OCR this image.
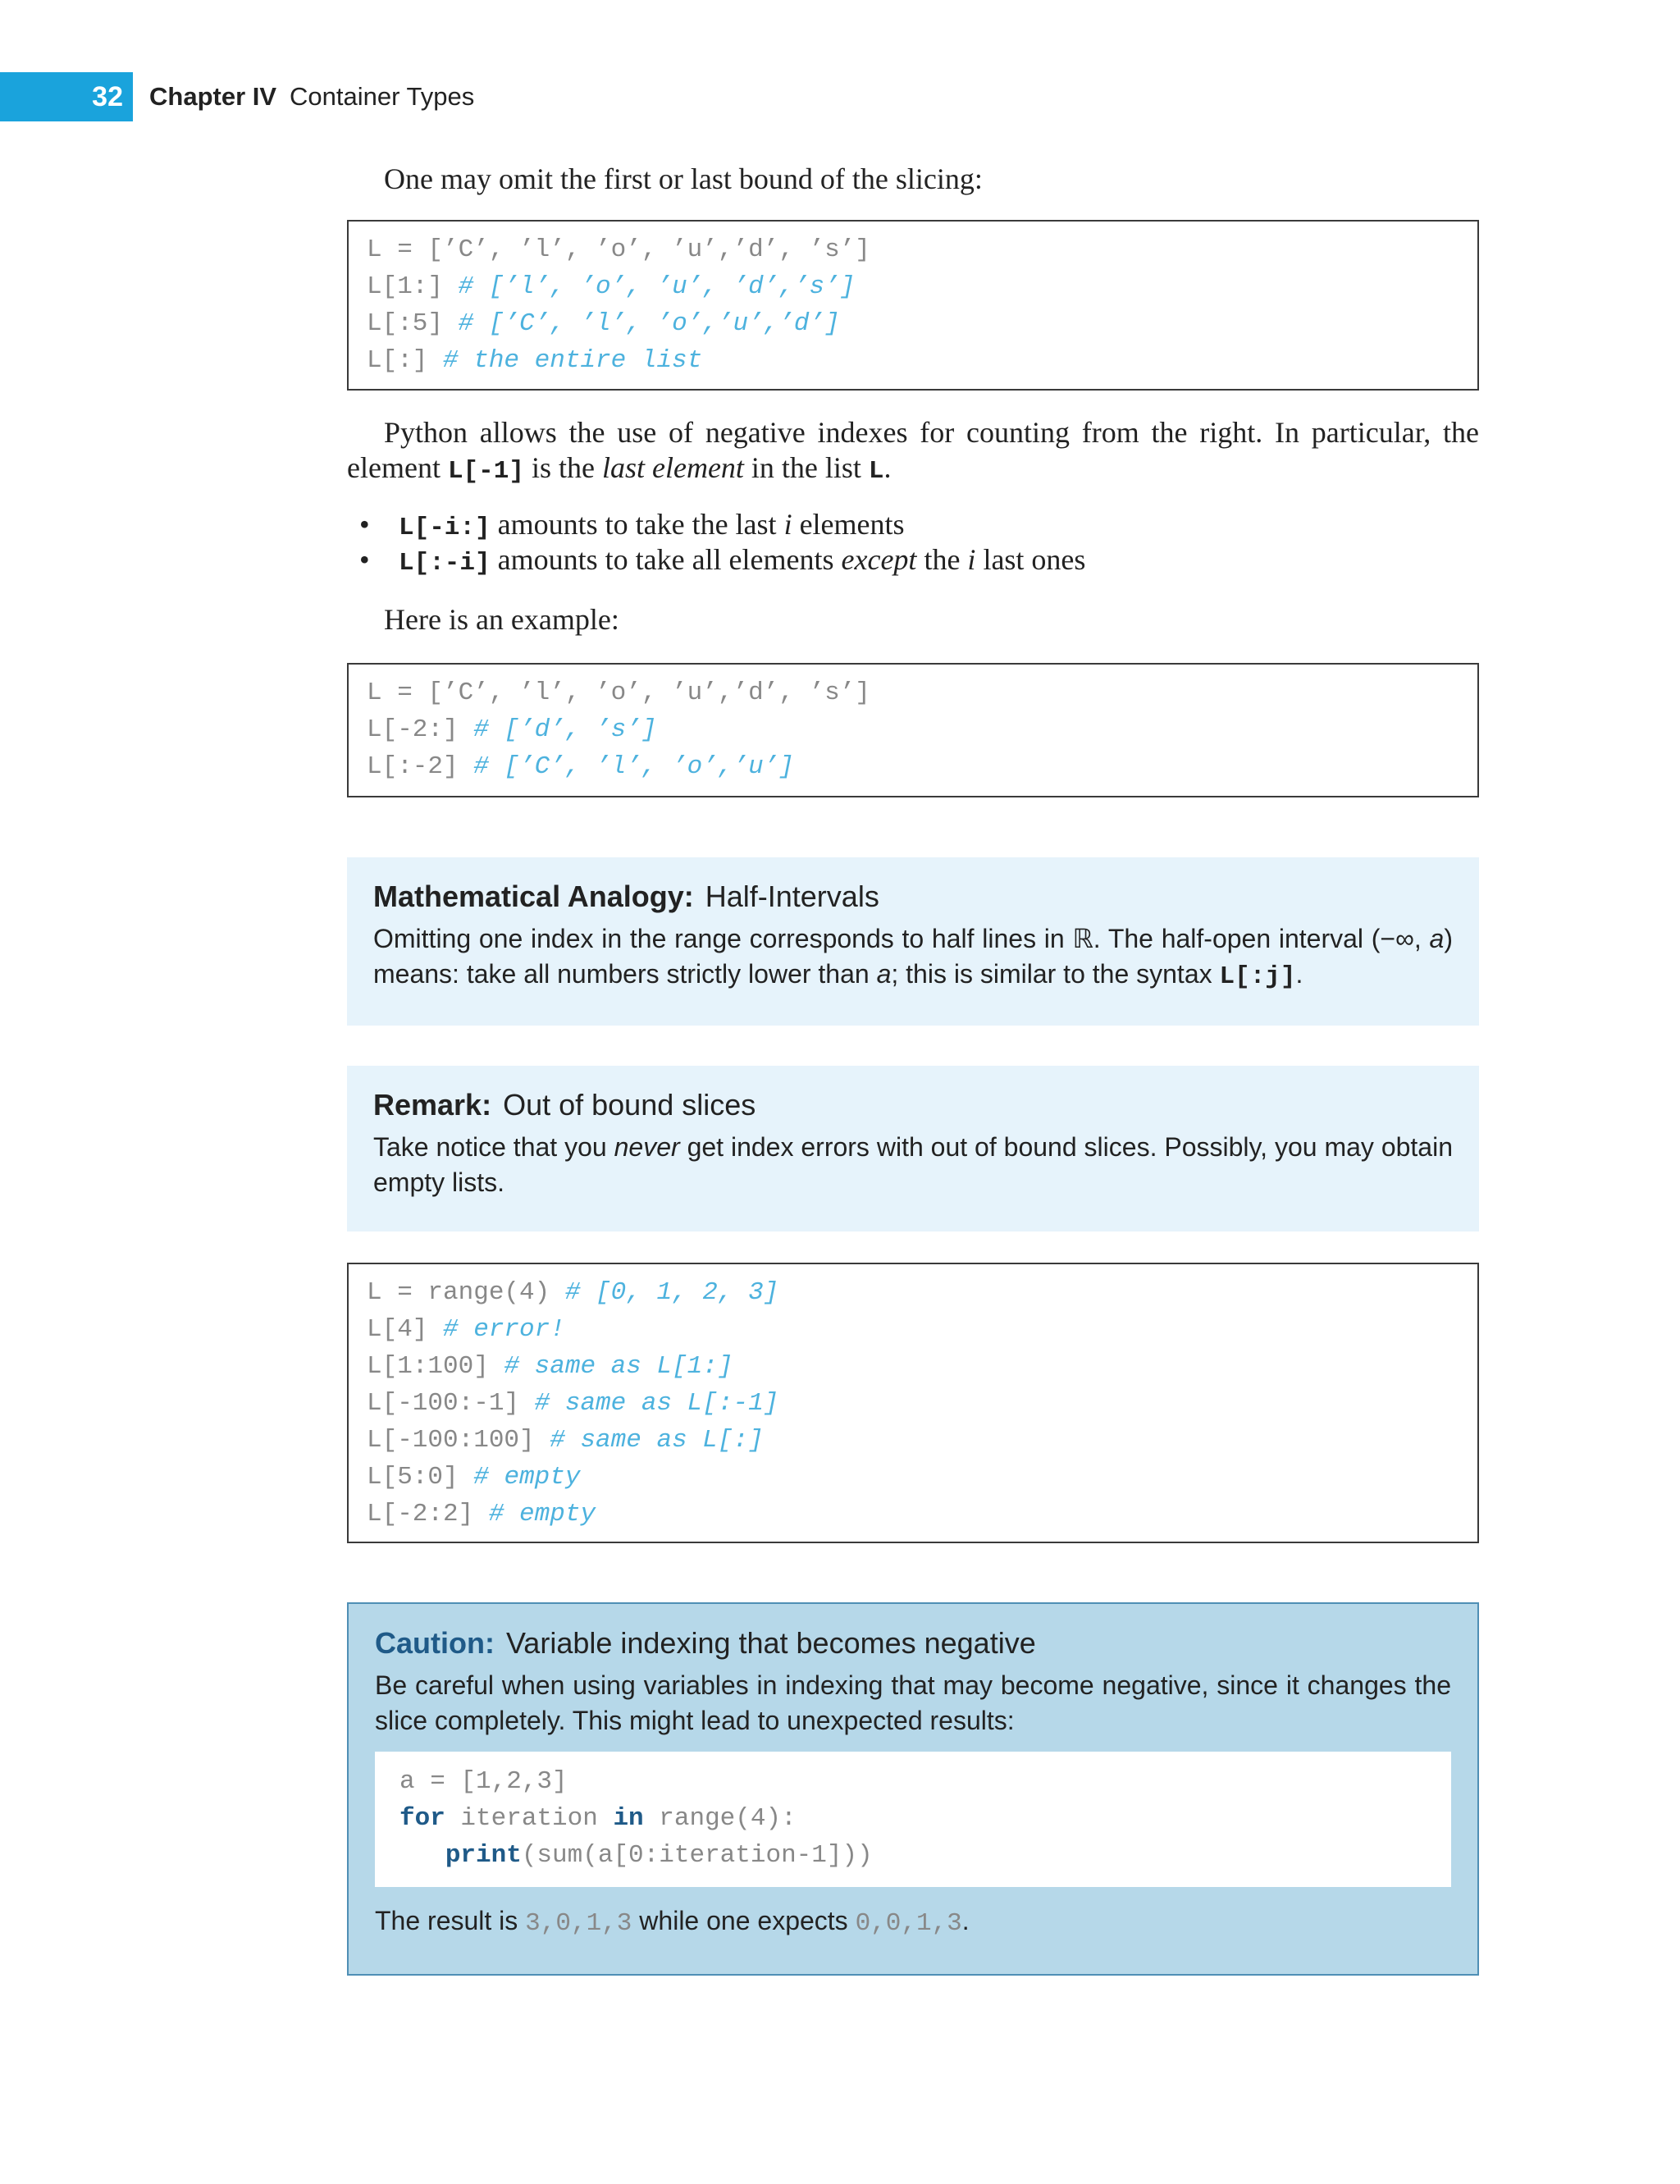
32	Chapter IV Container Types
One may omit the first or last bound of the slicing:
L = [’C’, ’l’, ’o’, ’u’,’d’, ’s’]
L[1:] # [’l’, ’o’, ’u’, ’d’,’s’]
L[:5] # [’C’, ’l’, ’o’,’u’,’d’]
L[:] # the entire list
Python allows the use of negative indexes for counting from the right. In particular, the element L[-1] is the last element in the list L.
• L[-i:] amounts to take the last i elements
• L[:-i] amounts to take all elements except the i last ones
Here is an example:
L = [’C’, ’l’, ’o’, ’u’,’d’, ’s’]
L[-2:] # [’d’, ’s’]
L[:-2] # [’C’, ’l’, ’o’,’u’]
Mathematical Analogy: Half-Intervals
Omitting one index in the range corresponds to half lines in ℝ. The half-open interval (−∞, a) means: take all numbers strictly lower than a; this is similar to the syntax L[:j].
Remark: Out of bound slices
Take notice that you never get index errors with out of bound slices. Possibly, you may obtain empty lists.
L = range(4) # [0, 1, 2, 3]
L[4] # error!
L[1:100] # same as L[1:]
L[-100:-1] # same as L[:-1]
L[-100:100] # same as L[:]
L[5:0] # empty
L[-2:2] # empty
Caution: Variable indexing that becomes negative
Be careful when using variables in indexing that may become negative, since it changes the slice completely. This might lead to unexpected results:
a = [1,2,3]
for iteration in range(4):
print(sum(a[0:iteration-1]))
The result is 3,0,1,3 while one expects 0,0,1,3.
